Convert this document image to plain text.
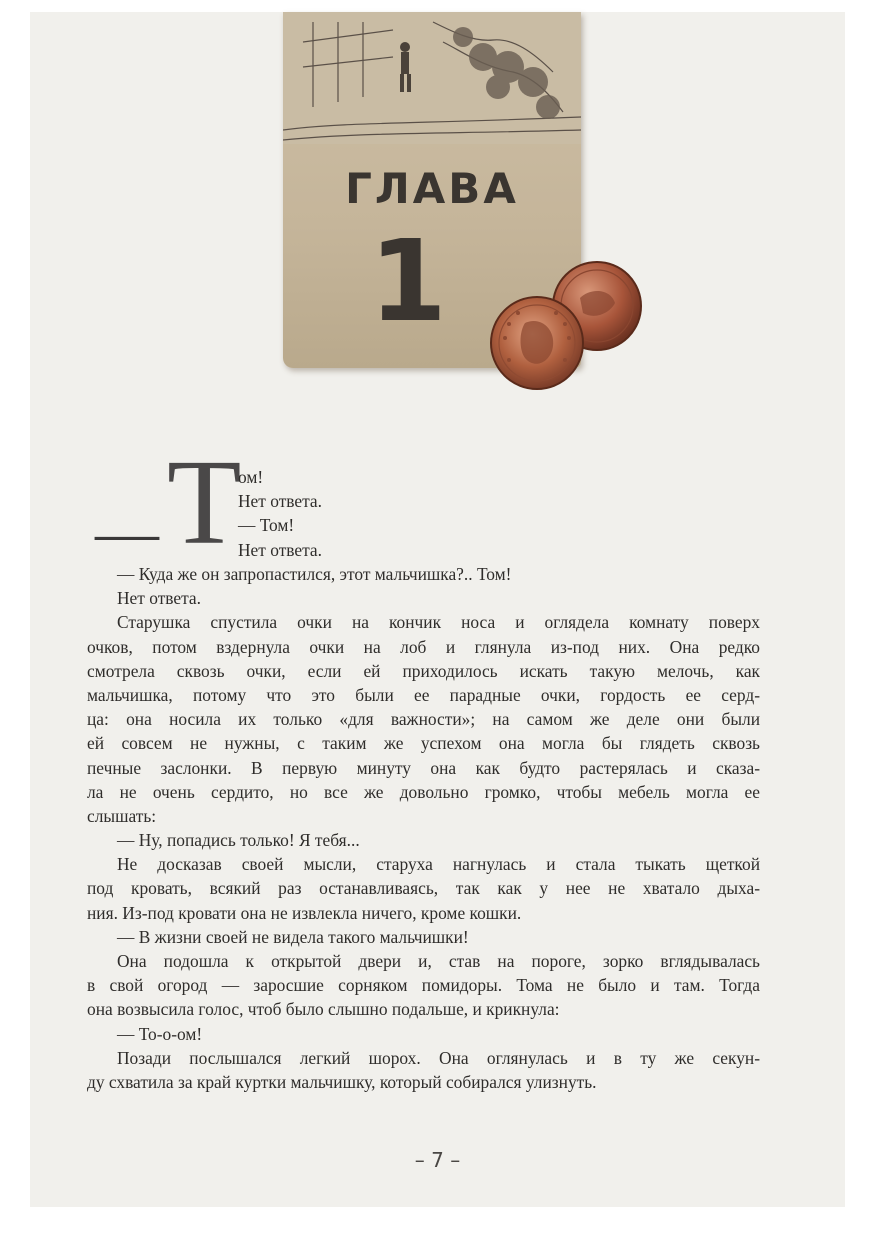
ГЛАВА
1
— Т
ом!
Нет ответа.
— Том!
Нет ответа.
— Куда же он запропастился, этот мальчишка?.. Том!
Нет ответа.
Старушка спустила очки на кончик носа и оглядела комнату поверх
очков, потом вздернула очки на лоб и глянула из-под них. Она редко
смотрела сквозь очки, если ей приходилось искать такую мелочь, как
мальчишка, потому что это были ее парадные очки, гордость ее серд-
ца: она носила их только «для важности»; на самом же деле они были
ей совсем не нужны, с таким же успехом она могла бы глядеть сквозь
печные заслонки. В первую минуту она как будто растерялась и сказа-
ла не очень сердито, но все же довольно громко, чтобы мебель могла ее
слышать:
— Ну, попадись только! Я тебя...
Не досказав своей мысли, старуха нагнулась и стала тыкать щеткой
под кровать, всякий раз останавливаясь, так как у нее не хватало дыха-
ния. Из-под кровати она не извлекла ничего, кроме кошки.
— В жизни своей не видела такого мальчишки!
Она подошла к открытой двери и, став на пороге, зорко вглядывалась
в свой огород — заросшие сорняком помидоры. Тома не было и там. Тогда
она возвысила голос, чтоб было слышно подальше, и крикнула:
— То-о-ом!
Позади послышался легкий шорох. Она оглянулась и в ту же секун-
ду схватила за край куртки мальчишку, который собирался улизнуть.
– 7 –
